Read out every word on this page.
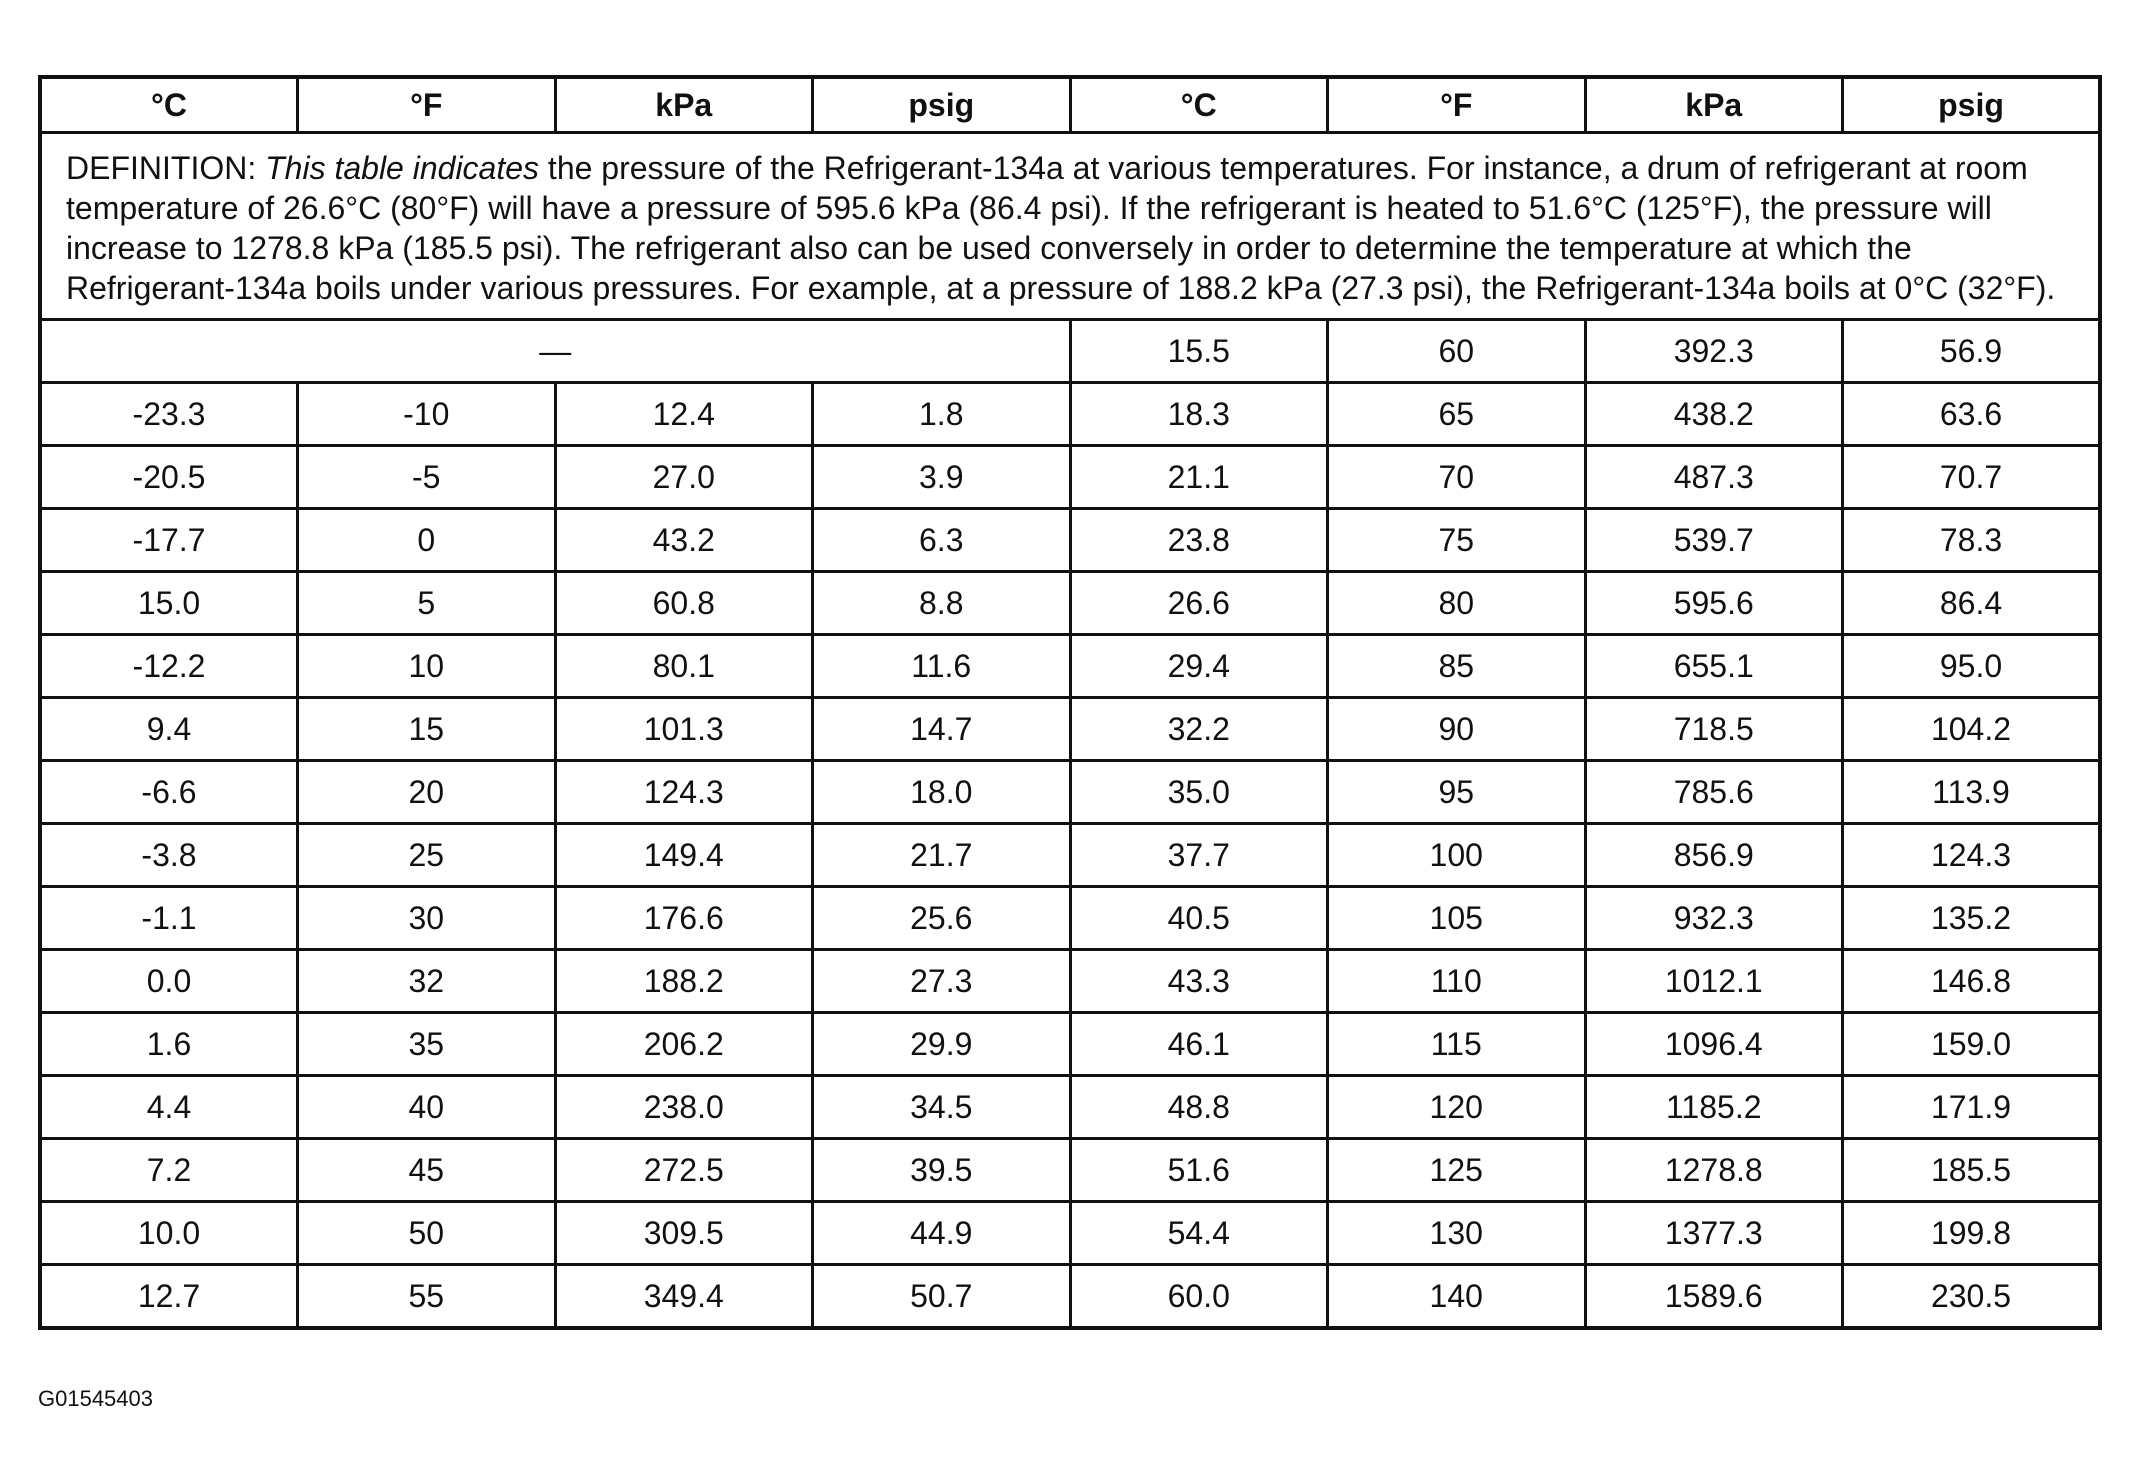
°C	°F	kPa	psig	°C	°F	kPa	psig
DEFINITION: This table indicates the pressure of the Refrigerant-134a at various temperatures. For instance, a drum of refrigerant at room temperature of 26.6°C (80°F) will have a pressure of 595.6 kPa (86.4 psi). If the refrigerant is heated to 51.6°C (125°F), the pressure will increase to 1278.8 kPa (185.5 psi). The refrigerant also can be used conversely in order to determine the temperature at which the Refrigerant-134a boils under various pressures. For example, at a pressure of 188.2 kPa (27.3 psi), the Refrigerant-134a boils at 0°C (32°F).							
—				15.5	60	392.3	56.9
-23.3	-10	12.4	1.8	18.3	65	438.2	63.6
-20.5	-5	27.0	3.9	21.1	70	487.3	70.7
-17.7	0	43.2	6.3	23.8	75	539.7	78.3
15.0	5	60.8	8.8	26.6	80	595.6	86.4
-12.2	10	80.1	11.6	29.4	85	655.1	95.0
9.4	15	101.3	14.7	32.2	90	718.5	104.2
-6.6	20	124.3	18.0	35.0	95	785.6	113.9
-3.8	25	149.4	21.7	37.7	100	856.9	124.3
-1.1	30	176.6	25.6	40.5	105	932.3	135.2
0.0	32	188.2	27.3	43.3	110	1012.1	146.8
1.6	35	206.2	29.9	46.1	115	1096.4	159.0
4.4	40	238.0	34.5	48.8	120	1185.2	171.9
7.2	45	272.5	39.5	51.6	125	1278.8	185.5
10.0	50	309.5	44.9	54.4	130	1377.3	199.8
12.7	55	349.4	50.7	60.0	140	1589.6	230.5
G01545403
